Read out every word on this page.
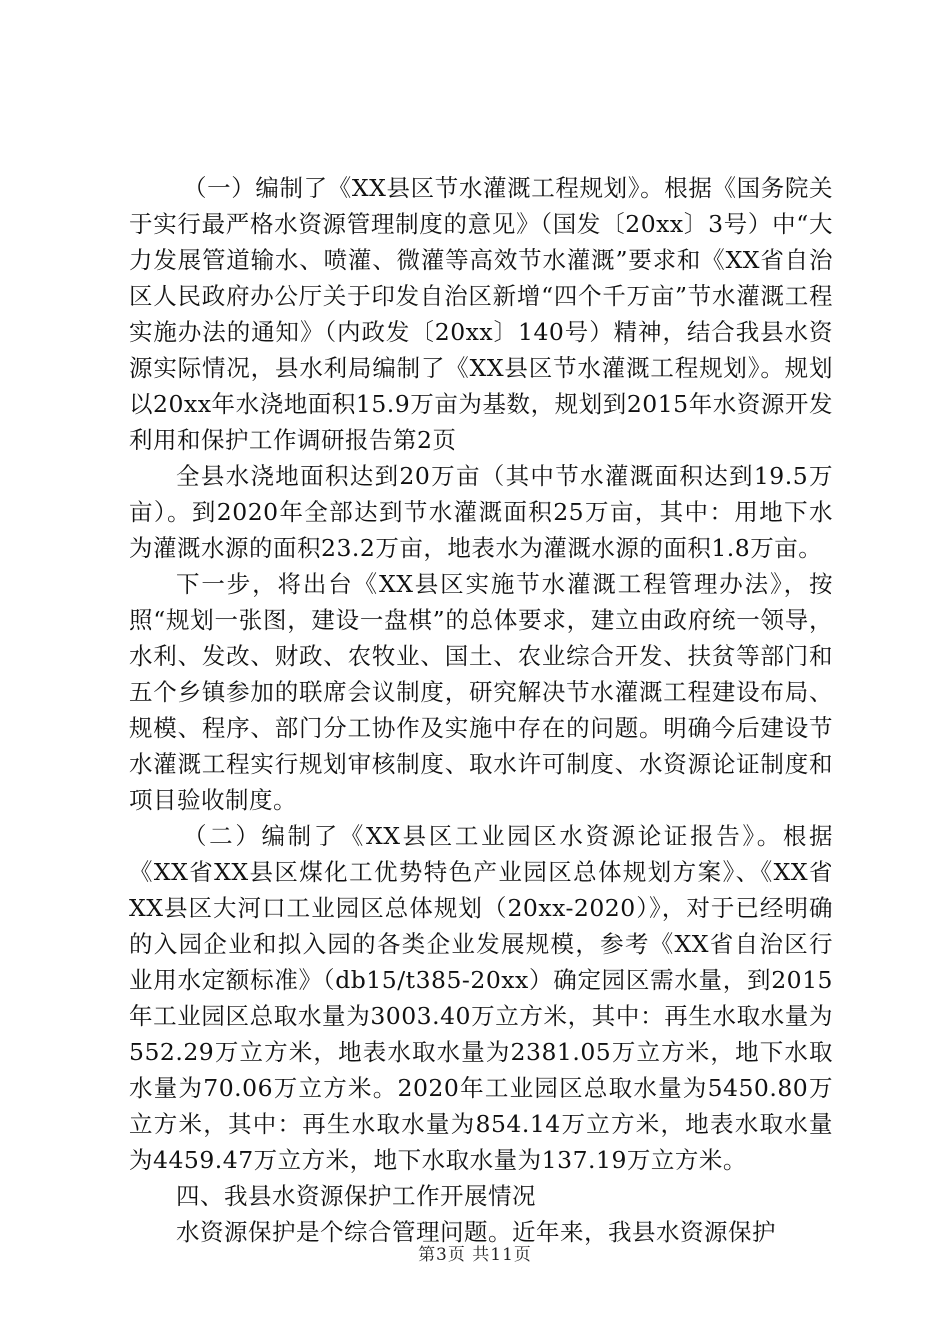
（一）编制了《XX县区节水灌溉工程规划》。根据《国务院关于实行最严格水资源管理制度的意见》（国发〔20xx〕3号）中“大力发展管道输水、喷灌、微灌等高效节水灌溉”要求和《XX省自治区人民政府办公厅关于印发自治区新增“四个千万亩”节水灌溉工程实施办法的通知》（内政发〔20xx〕140号）精神，结合我县水资源实际情况，县水利局编制了《XX县区节水灌溉工程规划》。规划以20xx年水浇地面积15.9万亩为基数，规划到2015年水资源开发利用和保护工作调研报告第2页

全县水浇地面积达到20万亩（其中节水灌溉面积达到19.5万亩）。到2020年全部达到节水灌溉面积25万亩，其中：用地下水为灌溉水源的面积23.2万亩，地表水为灌溉水源的面积1.8万亩。

下一步，将出台《XX县区实施节水灌溉工程管理办法》，按照“规划一张图，建设一盘棋”的总体要求，建立由政府统一领导，水利、发改、财政、农牧业、国土、农业综合开发、扶贫等部门和五个乡镇参加的联席会议制度，研究解决节水灌溉工程建设布局、规模、程序、部门分工协作及实施中存在的问题。明确今后建设节水灌溉工程实行规划审核制度、取水许可制度、水资源论证制度和项目验收制度。

（二）编制了《XX县区工业园区水资源论证报告》。根据《XX省XX县区煤化工优势特色产业园区总体规划方案》、《XX省XX县区大河口工业园区总体规划（20xx-2020）》，对于已经明确的入园企业和拟入园的各类企业发展规模，参考《XX省自治区行业用水定额标准》（db15/t385-20xx）确定园区需水量，到2015年工业园区总取水量为3003.40万立方米，其中：再生水取水量为552.29万立方米，地表水取水量为2381.05万立方米，地下水取水量为70.06万立方米。2020年工业园区总取水量为5450.80万立方米，其中：再生水取水量为854.14万立方米，地表水取水量为4459.47万立方米，地下水取水量为137.19万立方米。

四、我县水资源保护工作开展情况

水资源保护是个综合管理问题。近年来，我县水资源保护

第3页 共11页
